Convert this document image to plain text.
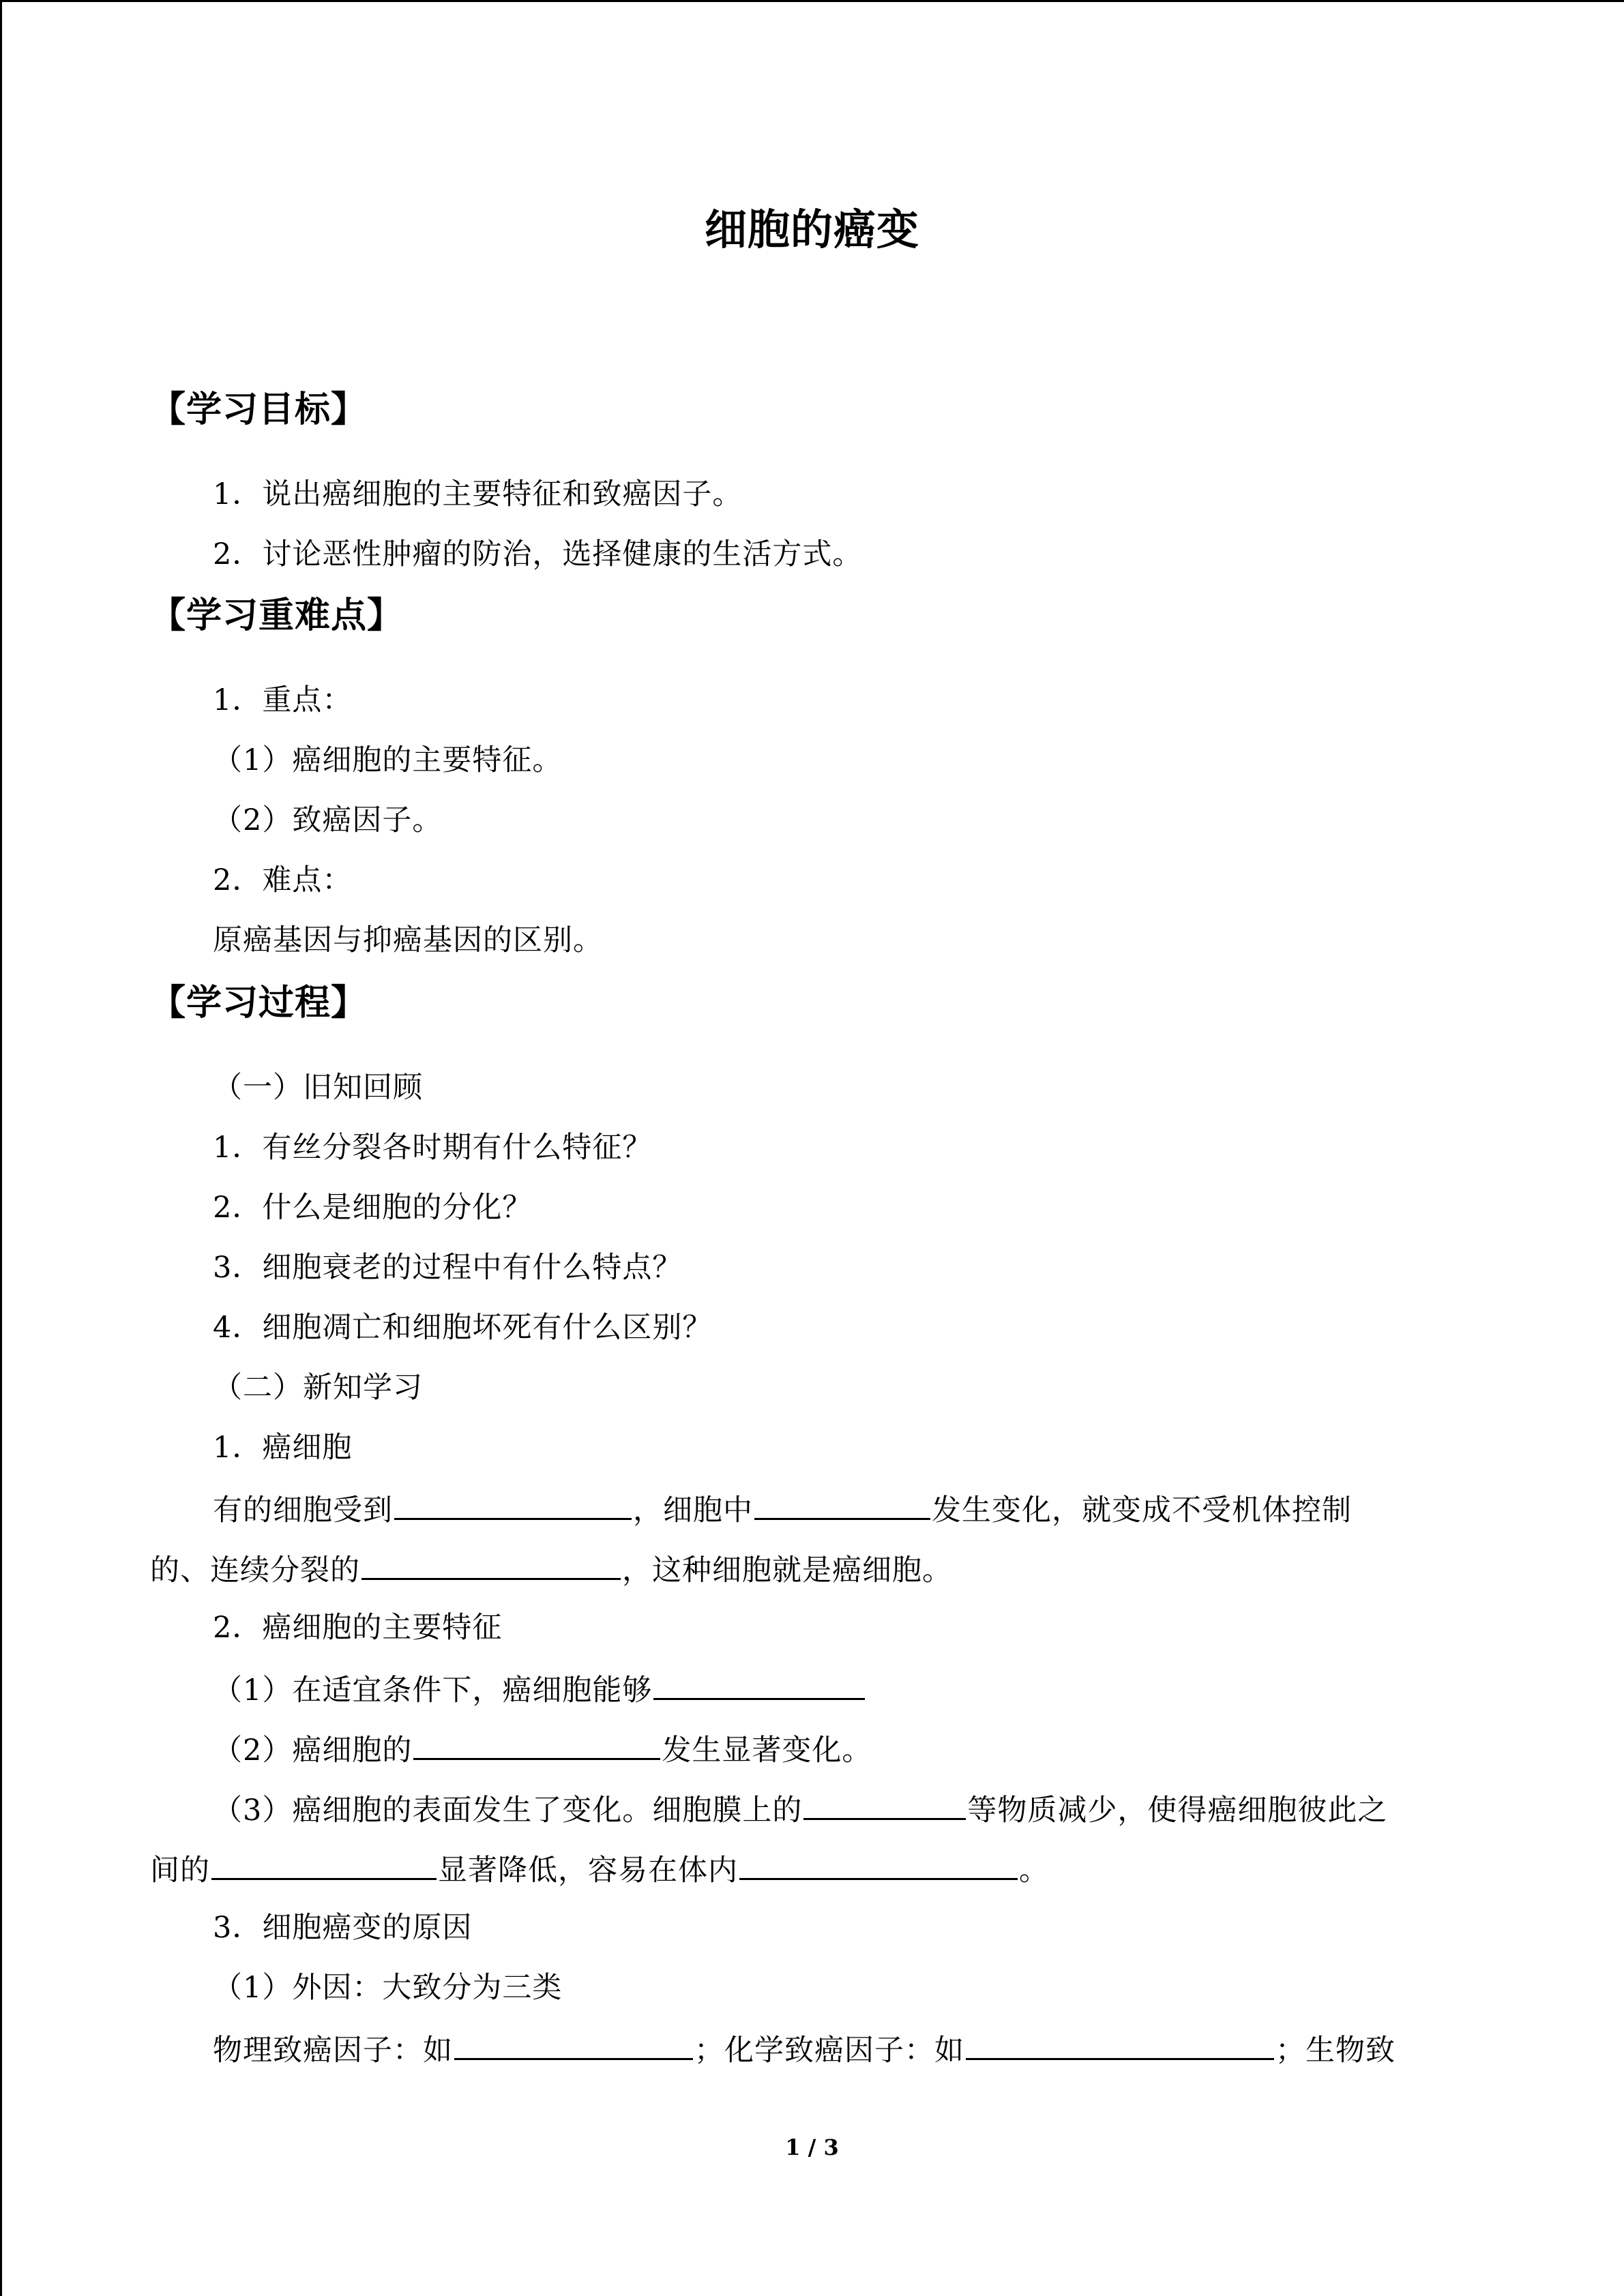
细胞的癌变
【学习目标】
1．说出癌细胞的主要特征和致癌因子。
2．讨论恶性肿瘤的防治，选择健康的生活方式。
【学习重难点】
1．重点：
（1）癌细胞的主要特征。
（2）致癌因子。
2．难点：
原癌基因与抑癌基因的区别。
【学习过程】
（一）旧知回顾
1．有丝分裂各时期有什么特征？
2．什么是细胞的分化？
3．细胞衰老的过程中有什么特点？
4．细胞凋亡和细胞坏死有什么区别？
（二）新知学习
1．癌细胞
有的细胞受到	，细胞中	发生变化，就变成不受机体控制
的、连续分裂的	，这种细胞就是癌细胞。
2．癌细胞的主要特征
（1）在适宜条件下，癌细胞能够
（2）癌细胞的	发生显著变化。
（3）癌细胞的表面发生了变化。细胞膜上的	等物质减少，使得癌细胞彼此之
间的	显著降低，容易在体内	。
3．细胞癌变的原因
（1）外因：大致分为三类
物理致癌因子：如	；化学致癌因子：如	；生物致
1 / 3
